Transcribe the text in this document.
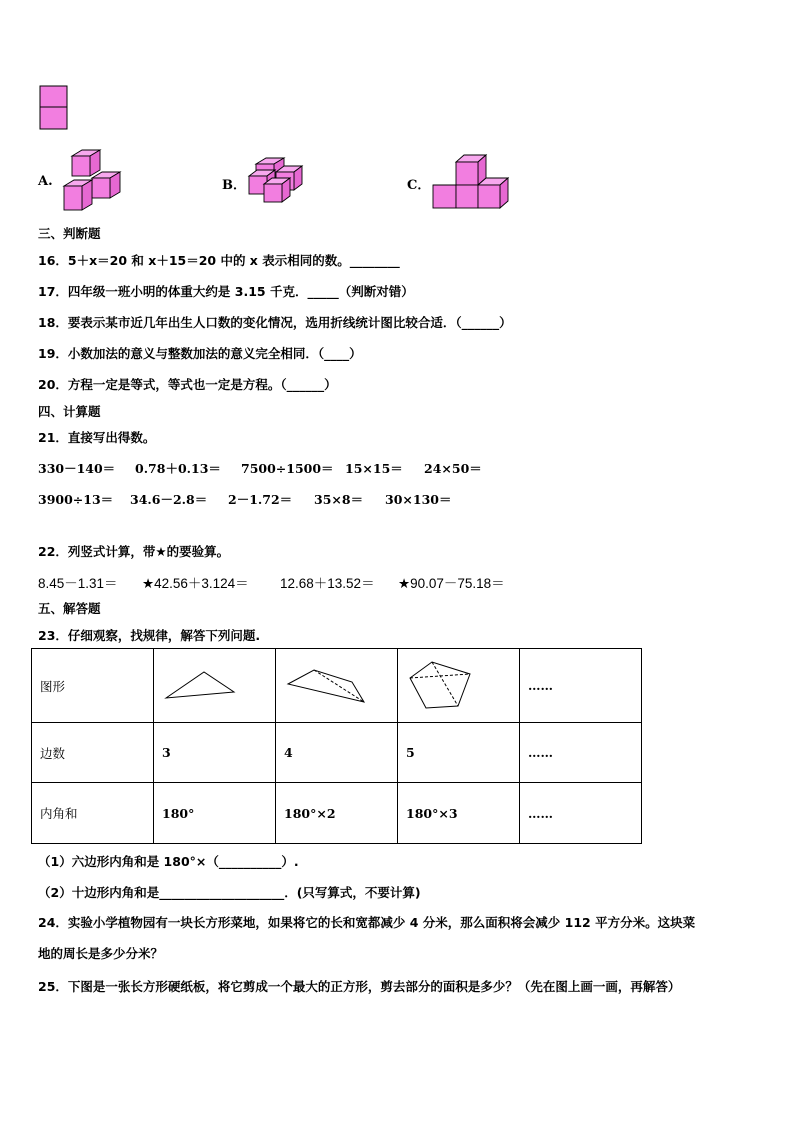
A.	B．	C．
三、判断题
16．5＋x＝20 和 x＋15＝20 中的 x 表示相同的数。________
17．四年级一班小明的体重大约是 3.15 千克．_____（判断对错）
18．要表示某市近几年出生人口数的变化情况，选用折线统计图比较合适．（______）
19．小数加法的意义与整数加法的意义完全相同．（____）
20．方程一定是等式，等式也一定是方程。（______）
四、计算题
21．直接写出得数。
330－140＝ 0.78＋0.13＝ 7500÷1500＝ 15×15＝ 24×50＝
3900÷13＝ 34.6－2.8＝ 2－1.72＝ 35×8＝ 30×130＝
22．列竖式计算，带★的要验算。
8.45－1.31＝ ★42.56＋3.124＝ 12.68＋13.52＝ ★90.07－75.18＝
五、解答题
23．仔细观察，找规律，解答下列问题.
图形				……
边数	3	4	5	……
内角和	180°	180°×2	180°×3	……
（1）六边形内角和是 180°×（__________）.
（2）十边形内角和是____________________．(只写算式，不要计算)
24．实验小学植物园有一块长方形菜地，如果将它的长和宽都减少 4 分米，那么面积将会减少 112 平方分米。这块菜
地的周长是多少分米？
25．下图是一张长方形硬纸板，将它剪成一个最大的正方形，剪去部分的面积是多少？（先在图上画一画，再解答）
